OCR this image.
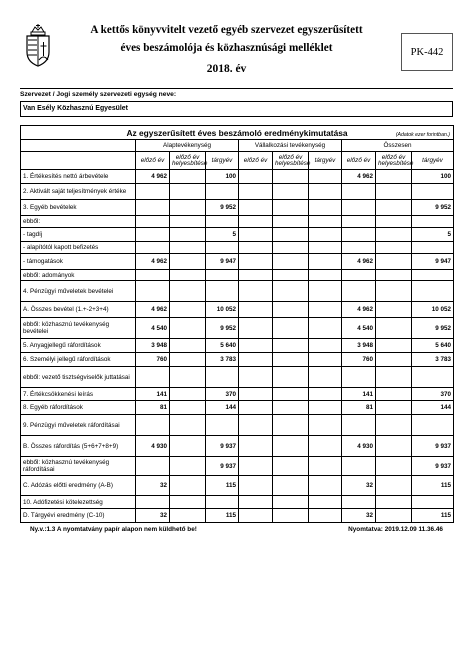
A kettős könyvvitelt vezető egyéb szervezet egyszerűsített
éves beszámolója és közhasznúsági melléklet
2018. év
PK-442
Szervezet / Jogi személy szervezeti egység neve:
Van Esély Közhasznú Egyesület
Az egyszerűsített éves beszámoló eredménykimutatása (Adatok ezer forintban.)									

	Alaptevékenység			Vállalkozási tevékenység			Összesen		
	előző év	előző év helyesbítése	tárgyév	előző év	előző év helyesbítése	tárgyév	előző év	előző év helyesbítése	tárgyév
1. Értékesítés nettó árbevétele	4 962		100				4 962		100
2. Aktivált saját teljesítmények értéke									
3. Egyéb bevételek			9 952						9 952
ebből:									
- tagdíj			5						5
- alapítótól kapott befizetés									
- támogatások	4 962		9 947				4 962		9 947
ebből: adományok									
4. Pénzügyi műveletek bevételei									
A. Összes bevétel (1.+-2+3+4)	4 962		10 052				4 962		10 052
ebből: közhasznú tevékenység bevételei	4 540		9 952				4 540		9 952
5. Anyagjellegű ráfordítások	3 948		5 640				3 948		5 640
6. Személyi jellegű ráfordítások	760		3 783				760		3 783
ebből: vezető tisztségviselők juttatásai									
7. Értékcsökkenési leírás	141		370				141		370
8. Egyéb ráfordítások	81		144				81		144
9. Pénzügyi műveletek ráfordításai									
B. Összes ráfordítás (5+6+7+8+9)	4 930		9 937				4 930		9 937
ebből: közhasznú tevékenység ráfordításai			9 937						9 937
C. Adózás előtti eredmény (A-B)	32		115				32		115
10. Adófizetési kötelezettség									
D. Tárgyévi eredmény (C-10)	32		115				32		115
Ny.v.:1.3 A nyomtatvány papír alapon nem küldhető be!	Nyomtatva: 2019.12.09 11.36.46
